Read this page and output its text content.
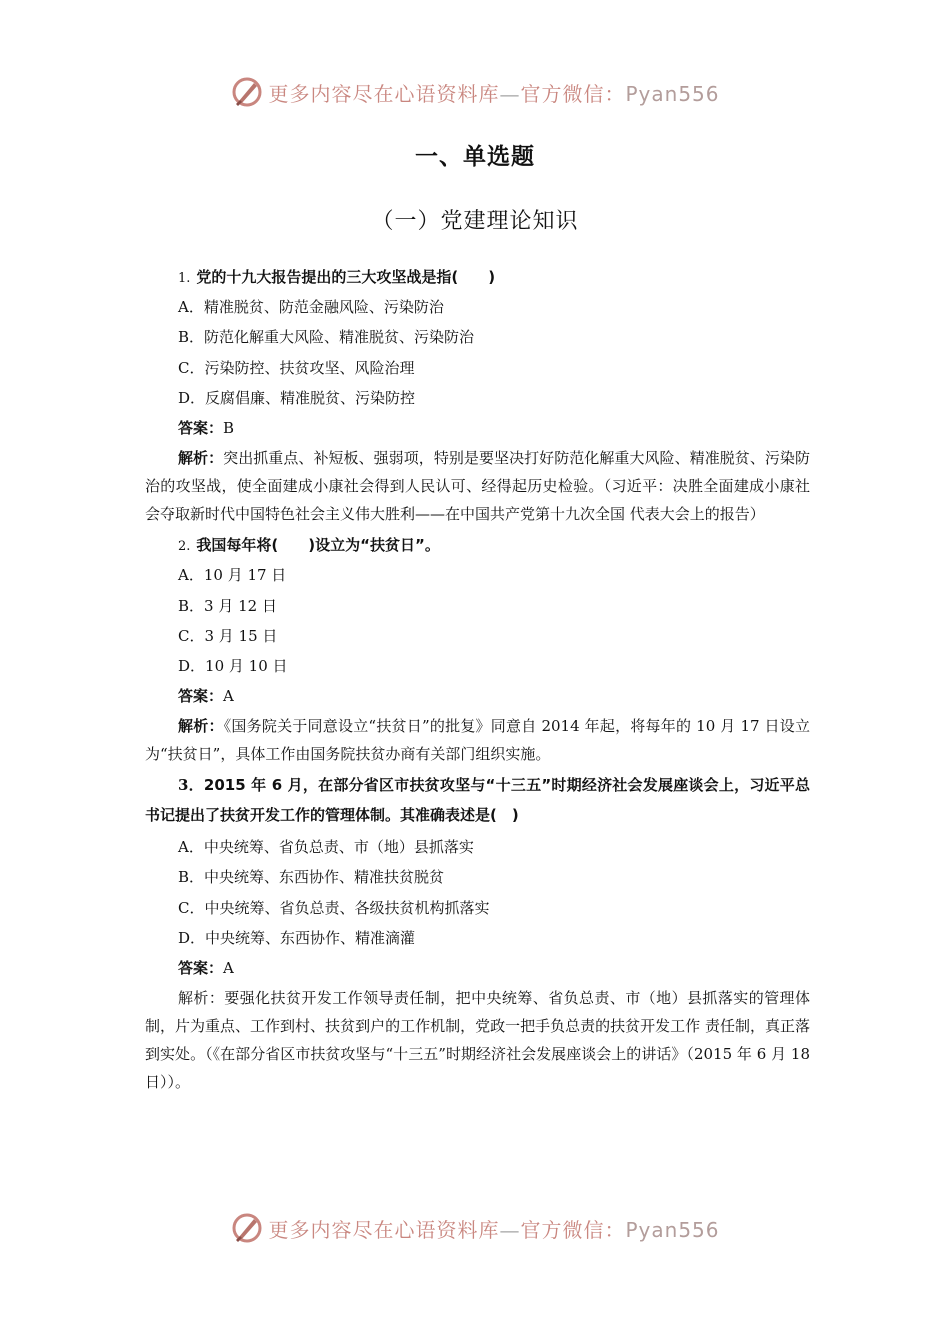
更多内容尽在心语资料库—官方微信：Pyan556
一、单选题
（一）党建理论知识
1. 党的十九大报告提出的三大攻坚战是指(　　)
A．精准脱贫、防范金融风险、污染防治
B．防范化解重大风险、精准脱贫、污染防治
C．污染防控、扶贫攻坚、风险治理
D．反腐倡廉、精准脱贫、污染防控
答案：B
解析：突出抓重点、补短板、强弱项，特别是要坚决打好防范化解重大风险、精准脱贫、污染防治的攻坚战，使全面建成小康社会得到人民认可、经得起历史检验。（习近平：决胜全面建成小康社会夺取新时代中国特色社会主义伟大胜利——在中国共产党第十九次全国 代表大会上的报告）
2. 我国每年将(　　)设立为“扶贫日”。
A．10 月 17 日
B．3 月 12 日
C．3 月 15 日
D．10 月 10 日
答案：A
解析：《国务院关于同意设立“扶贫日”的批复》同意自 2014 年起，将每年的 10 月 17 日设立为“扶贫日”，具体工作由国务院扶贫办商有关部门组织实施。
3．2015 年 6 月，在部分省区市扶贫攻坚与“十三五”时期经济社会发展座谈会上，习近平总书记提出了扶贫开发工作的管理体制。其准确表述是(　)
A．中央统筹、省负总责、市（地）县抓落实
B．中央统筹、东西协作、精准扶贫脱贫
C．中央统筹、省负总责、各级扶贫机构抓落实
D．中央统筹、东西协作、精准滴灌
答案：A
解析：要强化扶贫开发工作领导责任制，把中央统筹、省负总责、市（地）县抓落实的管理体制，片为重点、工作到村、扶贫到户的工作机制，党政一把手负总责的扶贫开发工作 责任制，真正落到实处。（《在部分省区市扶贫攻坚与“十三五”时期经济社会发展座谈会上的讲话》（2015 年 6 月 18 日））。
更多内容尽在心语资料库—官方微信：Pyan556
